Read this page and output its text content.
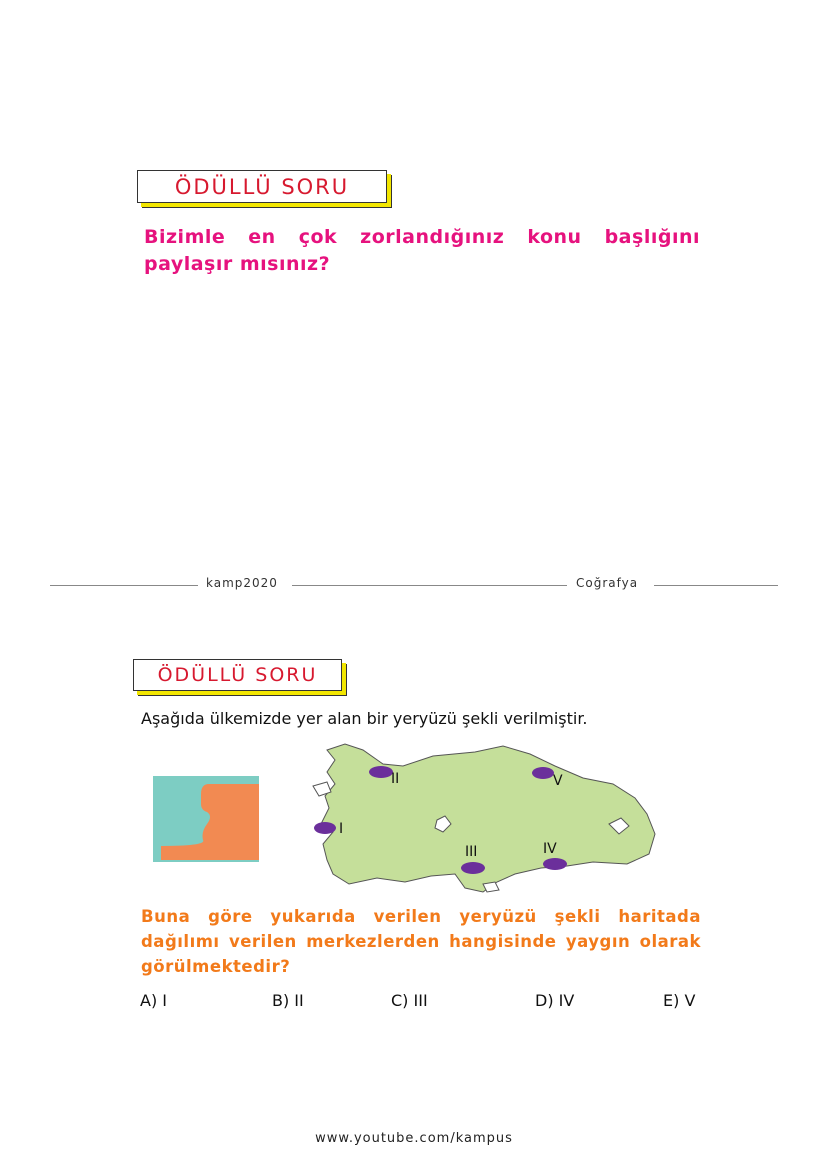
ÖDÜLLÜ SORU
Bizimle en çok zorlandığınız konu başlığını paylaşır mısınız?
kamp2020	Coğrafya
ÖDÜLLÜ SORU
Aşağıda ülkemizde yer alan bir yeryüzü şekli verilmiştir.
I
II
III	IV
V
Buna göre yukarıda verilen yeryüzü şekli haritada dağılımı verilen merkezlerden hangisinde yaygın olarak görülmektedir?
A) I	B) II	C) III	D) IV	E) V
www.youtube.com/kampus
